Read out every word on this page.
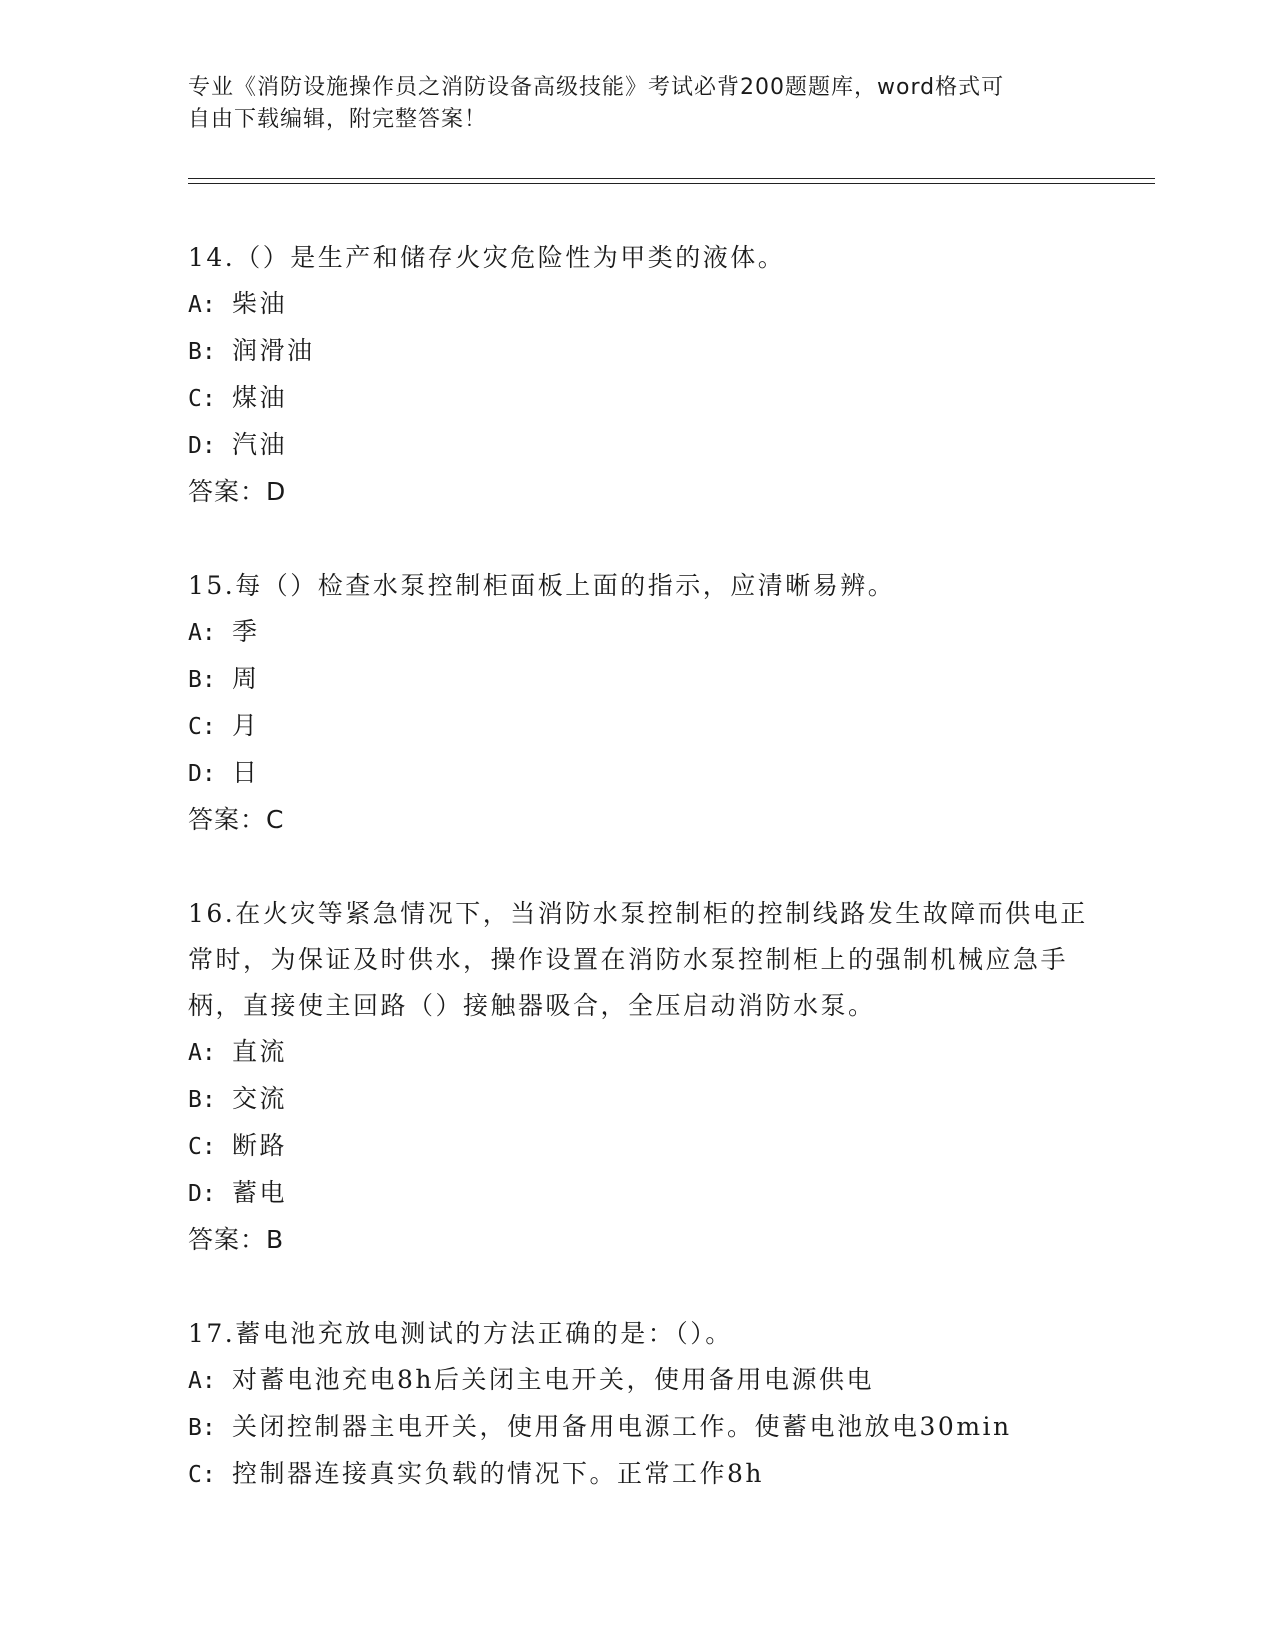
专业《消防设施操作员之消防设备高级技能》考试必背200题题库，word格式可
自由下载编辑，附完整答案！

14.（）是生产和储存火灾危险性为甲类的液体。

A: 柴油

B: 润滑油

C: 煤油

D: 汽油

答案：D

15.每（）检查水泵控制柜面板上面的指示，应清晰易辨。

A: 季

B: 周

C: 月

D: 日

答案：C

16.在火灾等紧急情况下，当消防水泵控制柜的控制线路发生故障而供电正常时，为保证及时供水，操作设置在消防水泵控制柜上的强制机械应急手柄，直接使主回路（）接触器吸合，全压启动消防水泵。

A: 直流

B: 交流

C: 断路

D: 蓄电

答案：B

17.蓄电池充放电测试的方法正确的是：（）。

A: 对蓄电池充电8h后关闭主电开关，使用备用电源供电

B: 关闭控制器主电开关，使用备用电源工作。使蓄电池放电30min

C: 控制器连接真实负载的情况下。正常工作8h
